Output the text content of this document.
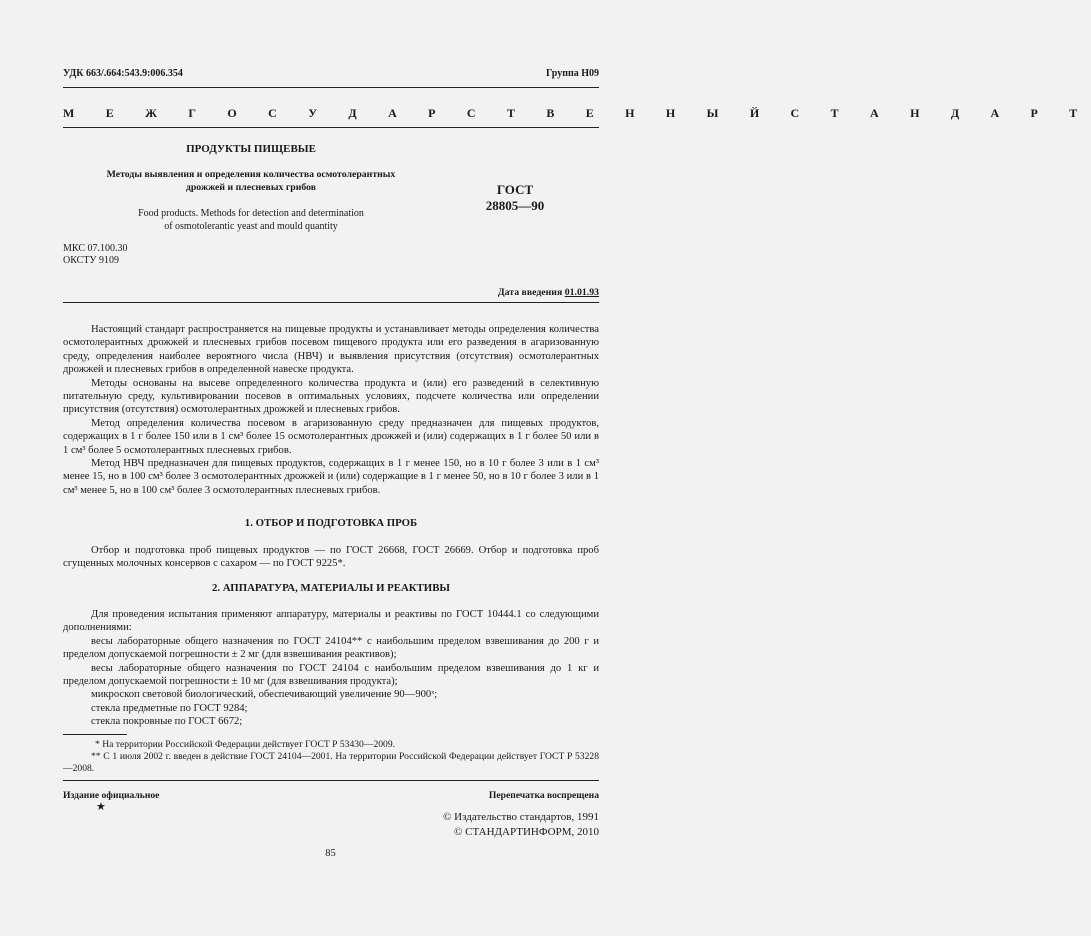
УДК 663/.664:543.9:006.354	Группа Н09
М Е Ж Г О С У Д А Р С Т В Е Н Н Ы Й С Т А Н Д А Р Т
ПРОДУКТЫ ПИЩЕВЫЕ
Методы выявления и определения количества осмотолерантных
дрожжей и плесневых грибов
Food products. Methods for detection and determination
of osmotolerantic yeast and mould quantity
ГОСТ
28805—90
МКС 07.100.30
ОКСТУ 9109
Дата введения 01.01.93

Настоящий стандарт распространяется на пищевые продукты и устанавливает методы определения количества осмотолерантных дрожжей и плесневых грибов посевом пищевого продукта или его разведения в агаризованную среду, определения наиболее вероятного числа (НВЧ) и выявления присутствия (отсутствия) осмотолерантных дрожжей и плесневых грибов в определенной навеске продукта.

Методы основаны на высеве определенного количества продукта и (или) его разведений в селективную питательную среду, культивировании посевов в оптимальных условиях, подсчете количества или определении присутствия (отсутствия) осмотолерантных дрожжей и плесневых грибов.

Метод определения количества посевом в агаризованную среду предназначен для пищевых продуктов, содержащих в 1 г более 150 или в 1 см³ более 15 осмотолерантных дрожжей и (или) содержащих в 1 г более 50 или в 1 см³ более 5 осмотолерантных плесневых грибов.

Метод НВЧ предназначен для пищевых продуктов, содержащих в 1 г менее 150, но в 10 г более 3 или в 1 см³ менее 15, но в 100 см³ более 3 осмотолерантных дрожжей и (или) содержащие в 1 г менее 50, но в 10 г более 3 или в 1 см³ менее 5, но в 100 см³ более 3 осмотолерантных плесневых грибов.

1. ОТБОР И ПОДГОТОВКА ПРОБ

Отбор и подготовка проб пищевых продуктов — по ГОСТ 26668, ГОСТ 26669. Отбор и подготовка проб сгущенных молочных консервов с сахаром — по ГОСТ 9225*.

2. АППАРАТУРА, МАТЕРИАЛЫ И РЕАКТИВЫ

Для проведения испытания применяют аппаратуру, материалы и реактивы по ГОСТ 10444.1 со следующими дополнениями:

весы лабораторные общего назначения по ГОСТ 24104** с наибольшим пределом взвешивания до 200 г и пределом допускаемой погрешности ± 2 мг (для взвешивания реактивов);

весы лабораторные общего назначения по ГОСТ 24104 с наибольшим пределом взвешивания до 1 кг и пределом допускаемой погрешности ± 10 мг (для взвешивания продукта);

микроскоп световой биологический, обеспечивающий увеличение 90—900ˣ;

стекла предметные по ГОСТ 9284;

стекла покровные по ГОСТ 6672;

* На территории Российской Федерации действует ГОСТ Р 53430—2009.

** С 1 июля 2002 г. введен в действие ГОСТ 24104—2001. На территории Российской Федерации действует ГОСТ Р 53228—2008.

Издание официальное
★
Перепечатка воспрещена
© Издательство стандартов, 1991
© СТАНДАРТИНФОРМ, 2010
85
